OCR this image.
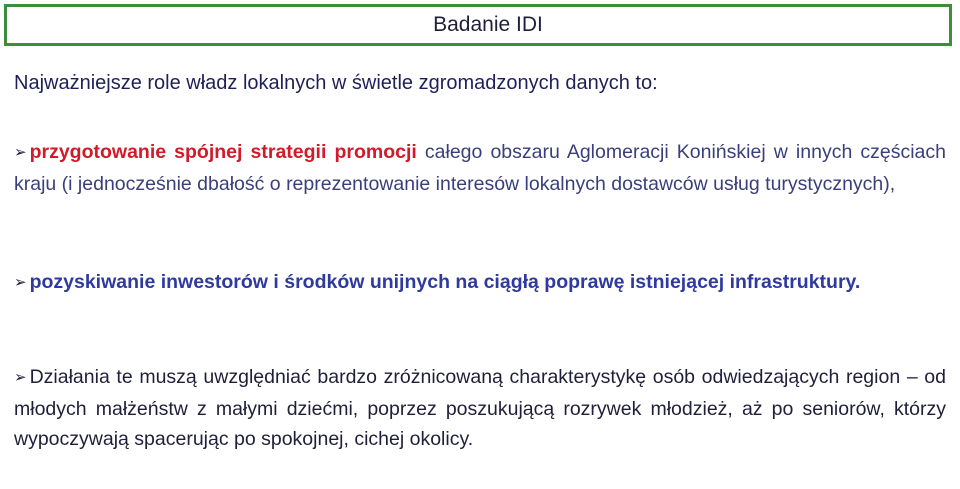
Badanie IDI
Najważniejsze role władz lokalnych w świetle zgromadzonych danych to:
➢ przygotowanie spójnej strategii promocji całego obszaru Aglomeracji Konińskiej w innych częściach kraju (i jednocześnie dbałość o reprezentowanie interesów lokalnych dostawców usług turystycznych),
➢ pozyskiwanie inwestorów i środków unijnych na ciągłą poprawę istniejącej infrastruktury.
➢ Działania te muszą uwzględniać bardzo zróżnicowaną charakterystykę osób odwiedzających region – od młodych małżeństw z małymi dziećmi, poprzez poszukującą rozrywek młodzież, aż po seniorów, którzy wypoczywają spacerując po spokojnej, cichej okolicy.
